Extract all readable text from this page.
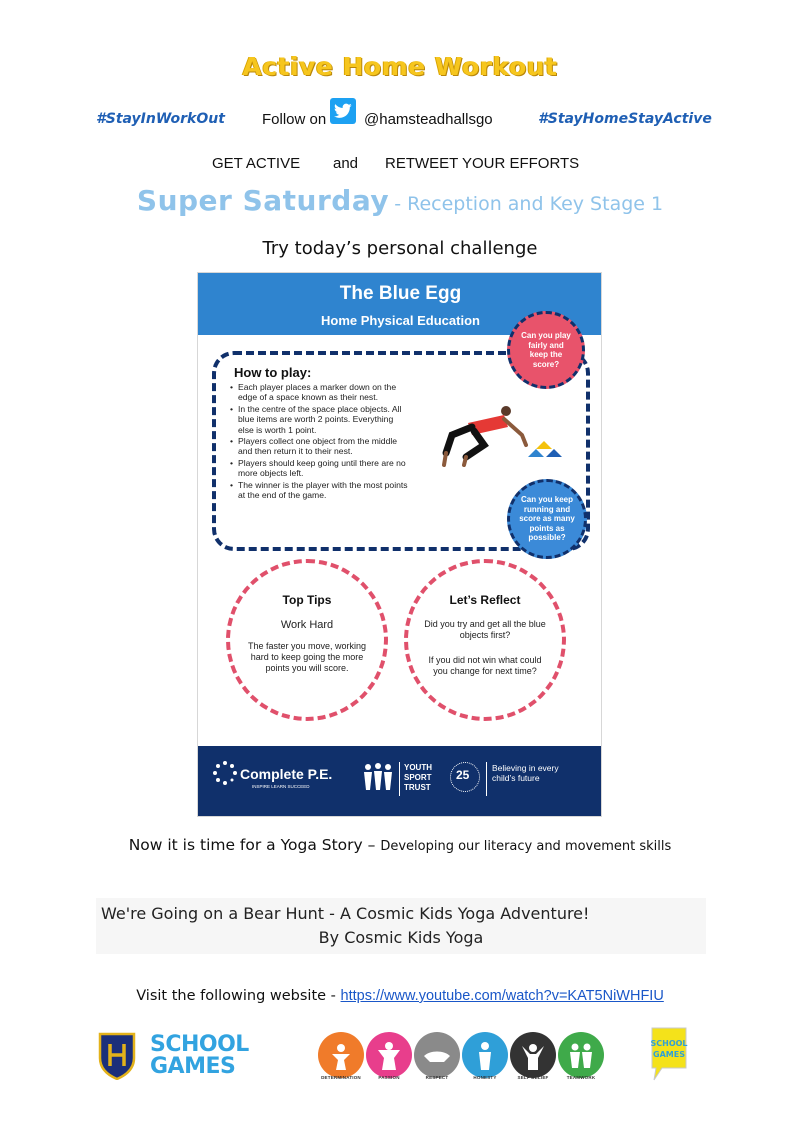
Active Home Workout
#StayInWorkOut Follow on	@hamsteadhallsgo	#StayHomeStayActive
GET ACTIVE and RETWEET YOUR EFFORTS
Super Saturday - Reception and Key Stage 1
Try today’s personal challenge
The Blue Egg
Home Physical Education
How to play:
• Each player places a marker down on the edge of a space known as their nest.
• In the centre of the space place objects. All blue items are worth 2 points. Everything else is worth 1 point.
• Players collect one object from the middle and then return it to their nest.
• Players should keep going until there are no more objects left.
• The winner is the player with the most points at the end of the game.
Can you play fairly and keep the score?
Can you keep running and score as many points as possible?
Top Tips
Work Hard
The faster you move, working hard to keep going the more points you will score.
Let’s Reflect
Did you try and get all the blue objects first?
If you did not win what could you change for next time?
Complete P.E.
INSPIRE LEARN SUCCEED
YOUTH
SPORT
TRUST
25	Believing in every child’s future
Now it is time for a Yoga Story – Developing our literacy and movement skills
We're Going on a Bear Hunt - A Cosmic Kids Yoga Adventure!
By Cosmic Kids Yoga
Visit the following website - https://www.youtube.com/watch?v=KAT5NiWHFIU
SCHOOL
GAMES	DETERMINATION	PASSION	RESPECT	HONESTY	SELF BELIEF	TEAMWORK
SCHOOL
GAMES
